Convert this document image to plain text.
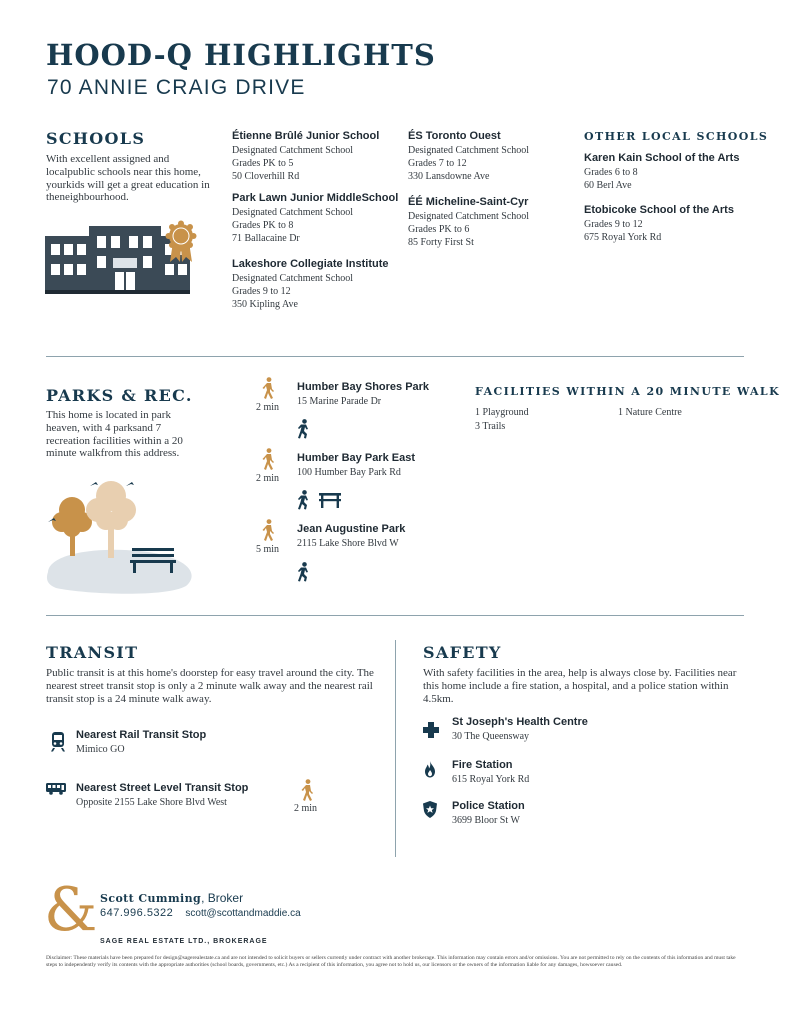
HOOD-Q HIGHLIGHTS
70 ANNIE CRAIG DRIVE
SCHOOLS
With excellent assigned and localpublic schools near this home, yourkids will get a great education in theneighbourhood.
Étienne Brûlé Junior School
Designated Catchment School
Grades PK to 5
50 Cloverhill Rd
Park Lawn Junior MiddleSchool
Designated Catchment School
Grades PK to 8
71 Ballacaine Dr
Lakeshore Collegiate Institute
Designated Catchment School
Grades 9 to 12
350 Kipling Ave
ÉS Toronto Ouest
Designated Catchment School
Grades 7 to 12
330 Lansdowne Ave
ÉÉ Micheline-Saint-Cyr
Designated Catchment School
Grades PK to 6
85 Forty First St
OTHER LOCAL SCHOOLS
Karen Kain School of the Arts
Grades 6 to 8
60 Berl Ave
Etobicoke School of the Arts
Grades 9 to 12
675 Royal York Rd
PARKS & REC.
This home is located in park heaven, with 4 parksand 7 recreation facilities within a 20 minute walkfrom this address.
2 min
Humber Bay Shores Park
15 Marine Parade Dr
2 min
Humber Bay Park East
100 Humber Bay Park Rd
5 min
Jean Augustine Park
2115 Lake Shore Blvd W
FACILITIES WITHIN A 20 MINUTE WALK
1 Playground
3 Trails
1 Nature Centre
TRANSIT
Public transit is at this home's doorstep for easy travel around the city. The nearest street transit stop is only a 2 minute walk away and the nearest rail transit stop is a 24 minute walk away.
Nearest Rail Transit Stop
Mimico GO
Nearest Street Level Transit Stop
Opposite 2155 Lake Shore Blvd West
2 min
SAFETY
With safety facilities in the area, help is always close by. Facilities near this home include a fire station, a hospital, and a police station within 4.5km.
St Joseph's Health Centre
30 The Queensway
Fire Station
615 Royal York Rd
Police Station
3699 Bloor St W
& Scott Cumming, Broker
647.996.5322 scott@scottandmaddie.ca
SAGE REAL ESTATE LTD., BROKERAGE
Disclaimer: These materials have been prepared for design@sagerealestate.ca and are not intended to solicit buyers or sellers currently under contract with another brokerage. This information may contain errors and/or omissions. You are not permitted to rely on the contents of this information and must take steps to independently verify its contents with the appropriate authorities (school boards, governments, etc.) As a recipient of this information, you agree not to hold us, our licensors or the owners of the information liable for any damages, howsoever caused.
